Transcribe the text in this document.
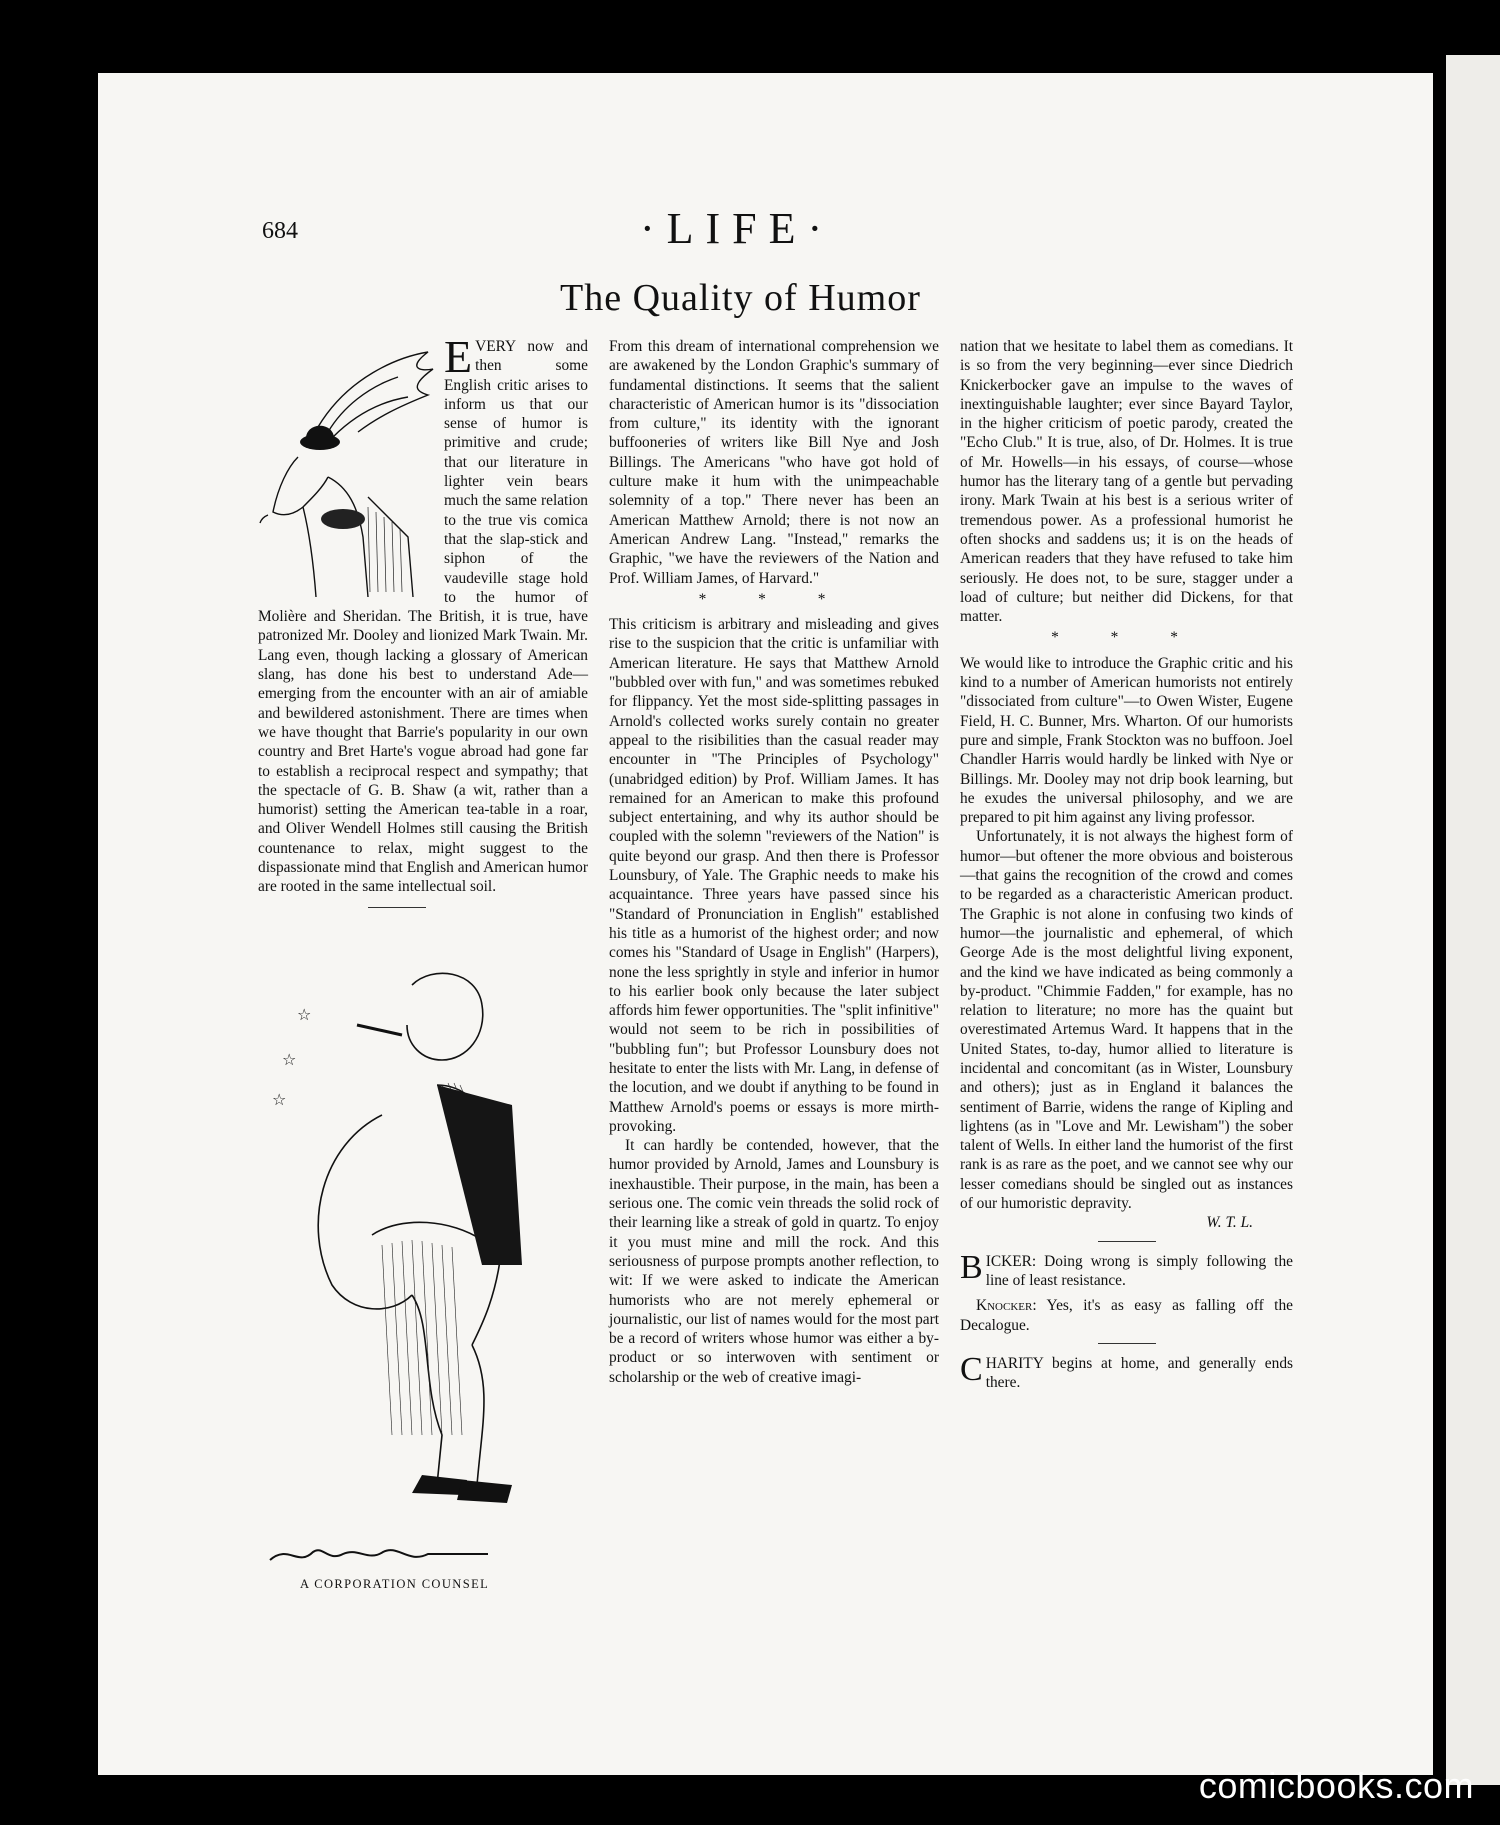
684	·LIFE·
The Quality of Humor

EVERY now and then some English critic arises to inform us that our sense of humor is primitive and crude; that our literature in lighter vein bears much the same relation to the true vis comica that the slap-stick and siphon of the vaudeville stage hold to the humor of Molière and Sheridan. The British, it is true, have patronized Mr. Dooley and lionized Mark Twain. Mr. Lang even, though lacking a glossary of American slang, has done his best to understand Ade—emerging from the encounter with an air of amiable and bewildered astonishment. There are times when we have thought that Barrie's popularity in our own country and Bret Harte's vogue abroad had gone far to establish a reciprocal respect and sympathy; that the spectacle of G. B. Shaw (a wit, rather than a humorist) setting the American tea-table in a roar, and Oliver Wendell Holmes still causing the British countenance to relax, might suggest to the dispassionate mind that English and American humor are rooted in the same intellectual soil.

☆
☆
☆
A CORPORATION COUNSEL

From this dream of international comprehension we are awakened by the London Graphic's summary of fundamental distinctions. It seems that the salient characteristic of American humor is its "dissociation from culture," its identity with the ignorant buffooneries of writers like Bill Nye and Josh Billings. The Americans "who have got hold of culture make it hum with the unimpeachable solemnity of a top." There never has been an American Matthew Arnold; there is not now an American Andrew Lang. "Instead," remarks the Graphic, "we have the reviewers of the Nation and Prof. William James, of Harvard."

* * *

This criticism is arbitrary and misleading and gives rise to the suspicion that the critic is unfamiliar with American literature. He says that Matthew Arnold "bubbled over with fun," and was sometimes rebuked for flippancy. Yet the most side-splitting passages in Arnold's collected works surely contain no greater appeal to the risibilities than the casual reader may encounter in "The Principles of Psychology" (unabridged edition) by Prof. William James. It has remained for an American to make this profound subject entertaining, and why its author should be coupled with the solemn "reviewers of the Nation" is quite beyond our grasp. And then there is Professor Lounsbury, of Yale. The Graphic needs to make his acquaintance. Three years have passed since his "Standard of Pronunciation in English" established his title as a humorist of the highest order; and now comes his "Standard of Usage in English" (Harpers), none the less sprightly in style and inferior in humor to his earlier book only because the later subject affords him fewer opportunities. The "split infinitive" would not seem to be rich in possibilities of "bubbling fun"; but Professor Lounsbury does not hesitate to enter the lists with Mr. Lang, in defense of the locution, and we doubt if anything to be found in Matthew Arnold's poems or essays is more mirth-provoking.

It can hardly be contended, however, that the humor provided by Arnold, James and Lounsbury is inexhaustible. Their purpose, in the main, has been a serious one. The comic vein threads the solid rock of their learning like a streak of gold in quartz. To enjoy it you must mine and mill the rock. And this seriousness of purpose prompts another reflection, to wit: If we were asked to indicate the American humorists who are not merely ephemeral or journalistic, our list of names would for the most part be a record of writers whose humor was either a by-product or so interwoven with sentiment or scholarship or the web of creative imagi-

nation that we hesitate to label them as comedians. It is so from the very beginning—ever since Diedrich Knickerbocker gave an impulse to the waves of inextinguishable laughter; ever since Bayard Taylor, in the higher criticism of poetic parody, created the "Echo Club." It is true, also, of Dr. Holmes. It is true of Mr. Howells—in his essays, of course—whose humor has the literary tang of a gentle but pervading irony. Mark Twain at his best is a serious writer of tremendous power. As a professional humorist he often shocks and saddens us; it is on the heads of American readers that they have refused to take him seriously. He does not, to be sure, stagger under a load of culture; but neither did Dickens, for that matter.

* * *

We would like to introduce the Graphic critic and his kind to a number of American humorists not entirely "dissociated from culture"—to Owen Wister, Eugene Field, H. C. Bunner, Mrs. Wharton. Of our humorists pure and simple, Frank Stockton was no buffoon. Joel Chandler Harris would hardly be linked with Nye or Billings. Mr. Dooley may not drip book learning, but he exudes the universal philosophy, and we are prepared to pit him against any living professor.

Unfortunately, it is not always the highest form of humor—but oftener the more obvious and boisterous—that gains the recognition of the crowd and comes to be regarded as a characteristic American product. The Graphic is not alone in confusing two kinds of humor—the journalistic and ephemeral, of which George Ade is the most delightful living exponent, and the kind we have indicated as being commonly a by-product. "Chimmie Fadden," for example, has no relation to literature; no more has the quaint but overestimated Artemus Ward. It happens that in the United States, to-day, humor allied to literature is incidental and concomitant (as in Wister, Lounsbury and others); just as in England it balances the sentiment of Barrie, widens the range of Kipling and lightens (as in "Love and Mr. Lewisham") the sober talent of Wells. In either land the humorist of the first rank is as rare as the poet, and we cannot see why our lesser comedians should be singled out as instances of our humoristic depravity.

W. T. L.

BICKER: Doing wrong is simply following the line of least resistance.

Knocker: Yes, it's as easy as falling off the Decalogue.

CHARITY begins at home, and generally ends there.

comicbooks.com
